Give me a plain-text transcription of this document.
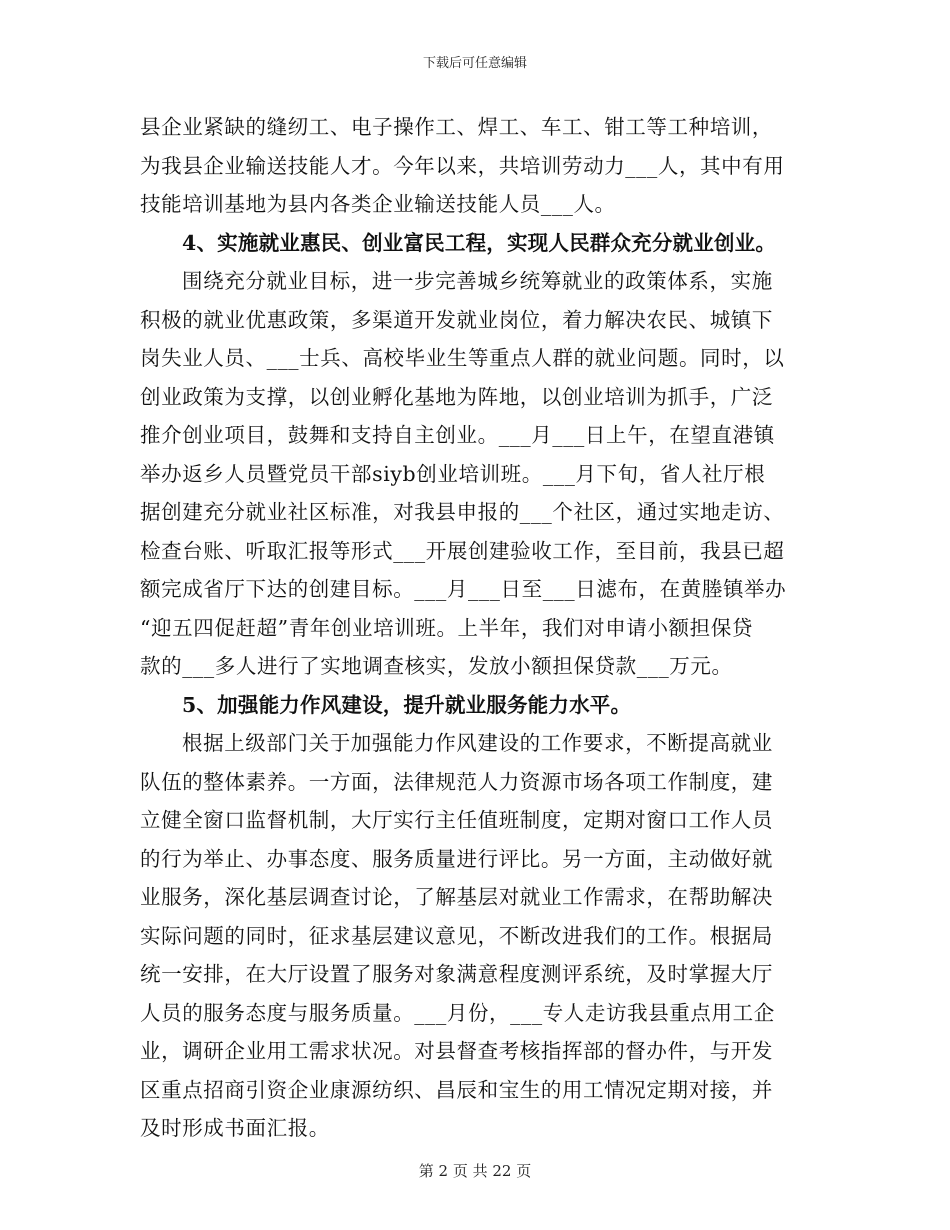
下载后可任意编辑
县企业紧缺的缝纫工、电子操作工、焊工、车工、钳工等工种培训，
为我县企业输送技能人才。今年以来，共培训劳动力___人，其中有用
技能培训基地为县内各类企业输送技能人员___人。
4、实施就业惠民、创业富民工程，实现人民群众充分就业创业。
围绕充分就业目标，进一步完善城乡统筹就业的政策体系，实施
积极的就业优惠政策，多渠道开发就业岗位，着力解决农民、城镇下
岗失业人员、___士兵、高校毕业生等重点人群的就业问题。同时，以
创业政策为支撑，以创业孵化基地为阵地，以创业培训为抓手，广泛
推介创业项目，鼓舞和支持自主创业。___月___日上午，在望直港镇
举办返乡人员暨党员干部siyb创业培训班。___月下旬，省人社厅根
据创建充分就业社区标准，对我县申报的___个社区，通过实地走访、
检查台账、听取汇报等形式___开展创建验收工作，至目前，我县已超
额完成省厅下达的创建目标。___月___日至___日滤布，在黄塍镇举办
“迎五四促赶超”青年创业培训班。上半年，我们对申请小额担保贷
款的___多人进行了实地调查核实，发放小额担保贷款___万元。
5、加强能力作风建设，提升就业服务能力水平。
根据上级部门关于加强能力作风建设的工作要求，不断提高就业
队伍的整体素养。一方面，法律规范人力资源市场各项工作制度，建
立健全窗口监督机制，大厅实行主任值班制度，定期对窗口工作人员
的行为举止、办事态度、服务质量进行评比。另一方面，主动做好就
业服务，深化基层调查讨论，了解基层对就业工作需求，在帮助解决
实际问题的同时，征求基层建议意见，不断改进我们的工作。根据局
统一安排，在大厅设置了服务对象满意程度测评系统，及时掌握大厅
人员的服务态度与服务质量。___月份，___专人走访我县重点用工企
业，调研企业用工需求状况。对县督查考核指挥部的督办件，与开发
区重点招商引资企业康源纺织、昌辰和宝生的用工情况定期对接，并
及时形成书面汇报。
第 2 页 共 22 页
